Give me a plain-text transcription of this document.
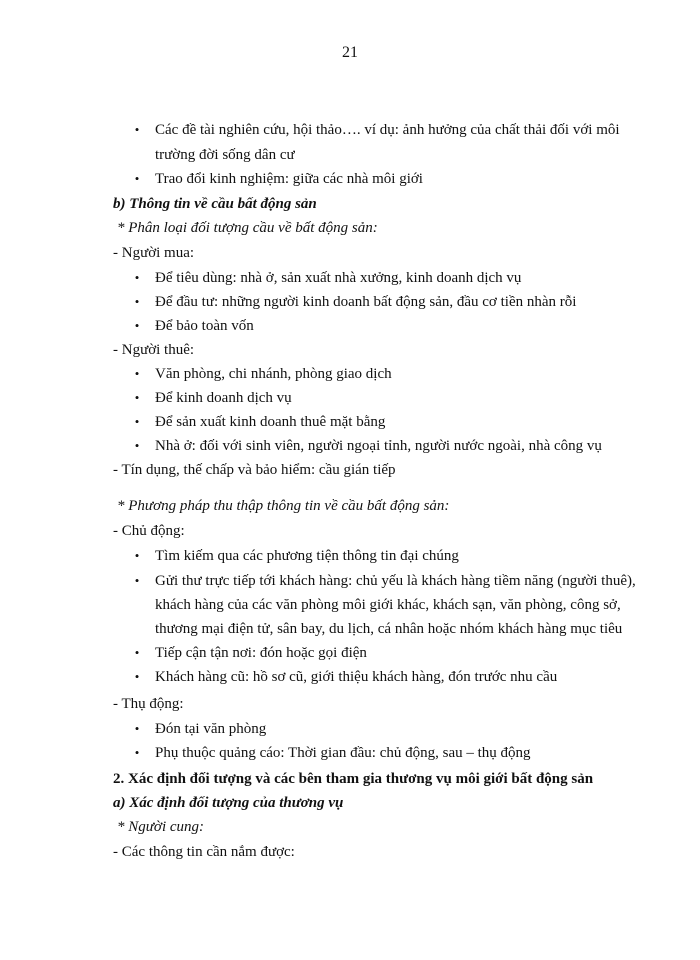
21
• Các đề tài nghiên cứu, hội thảo…. ví dụ: ảnh hưởng của chất thải đối với môi
trường đời sống dân cư
• Trao đổi kinh nghiệm: giữa các nhà môi giới
b) Thông tin về cầu bất động sản
* Phân loại đối tượng cầu về bất động sản:
- Người mua:
• Để tiêu dùng: nhà ở, sản xuất nhà xưởng, kinh doanh dịch vụ
• Để đầu tư: những người kinh doanh bất động sản, đầu cơ tiền nhàn rỗi
• Để bảo toàn vốn
- Người thuê:
• Văn phòng, chi nhánh, phòng giao dịch
• Để kinh doanh dịch vụ
• Để sản xuất kinh doanh thuê mặt bằng
• Nhà ở: đối với sinh viên, người ngoại tỉnh, người nước ngoài, nhà công vụ
- Tín dụng, thế chấp và bảo hiểm: cầu gián tiếp
* Phương pháp thu thập thông tin về cầu bất động sản:
- Chủ động:
• Tìm kiếm qua các phương tiện thông tin đại chúng
• Gửi thư trực tiếp tới khách hàng: chủ yếu là khách hàng tiềm năng (người thuê),
khách hàng của các văn phòng môi giới khác, khách sạn, văn phòng, công sở,
thương mại điện tử, sân bay, du lịch, cá nhân hoặc nhóm khách hàng mục tiêu
• Tiếp cận tận nơi: đón hoặc gọi điện
• Khách hàng cũ: hồ sơ cũ, giới thiệu khách hàng, đón trước nhu cầu
- Thụ động:
• Đón tại văn phòng
• Phụ thuộc quảng cáo: Thời gian đầu: chủ động, sau – thụ động
2. Xác định đối tượng và các bên tham gia thương vụ môi giới bất động sản
a) Xác định đối tượng của thương vụ
* Người cung:
- Các thông tin cần nắm được:
